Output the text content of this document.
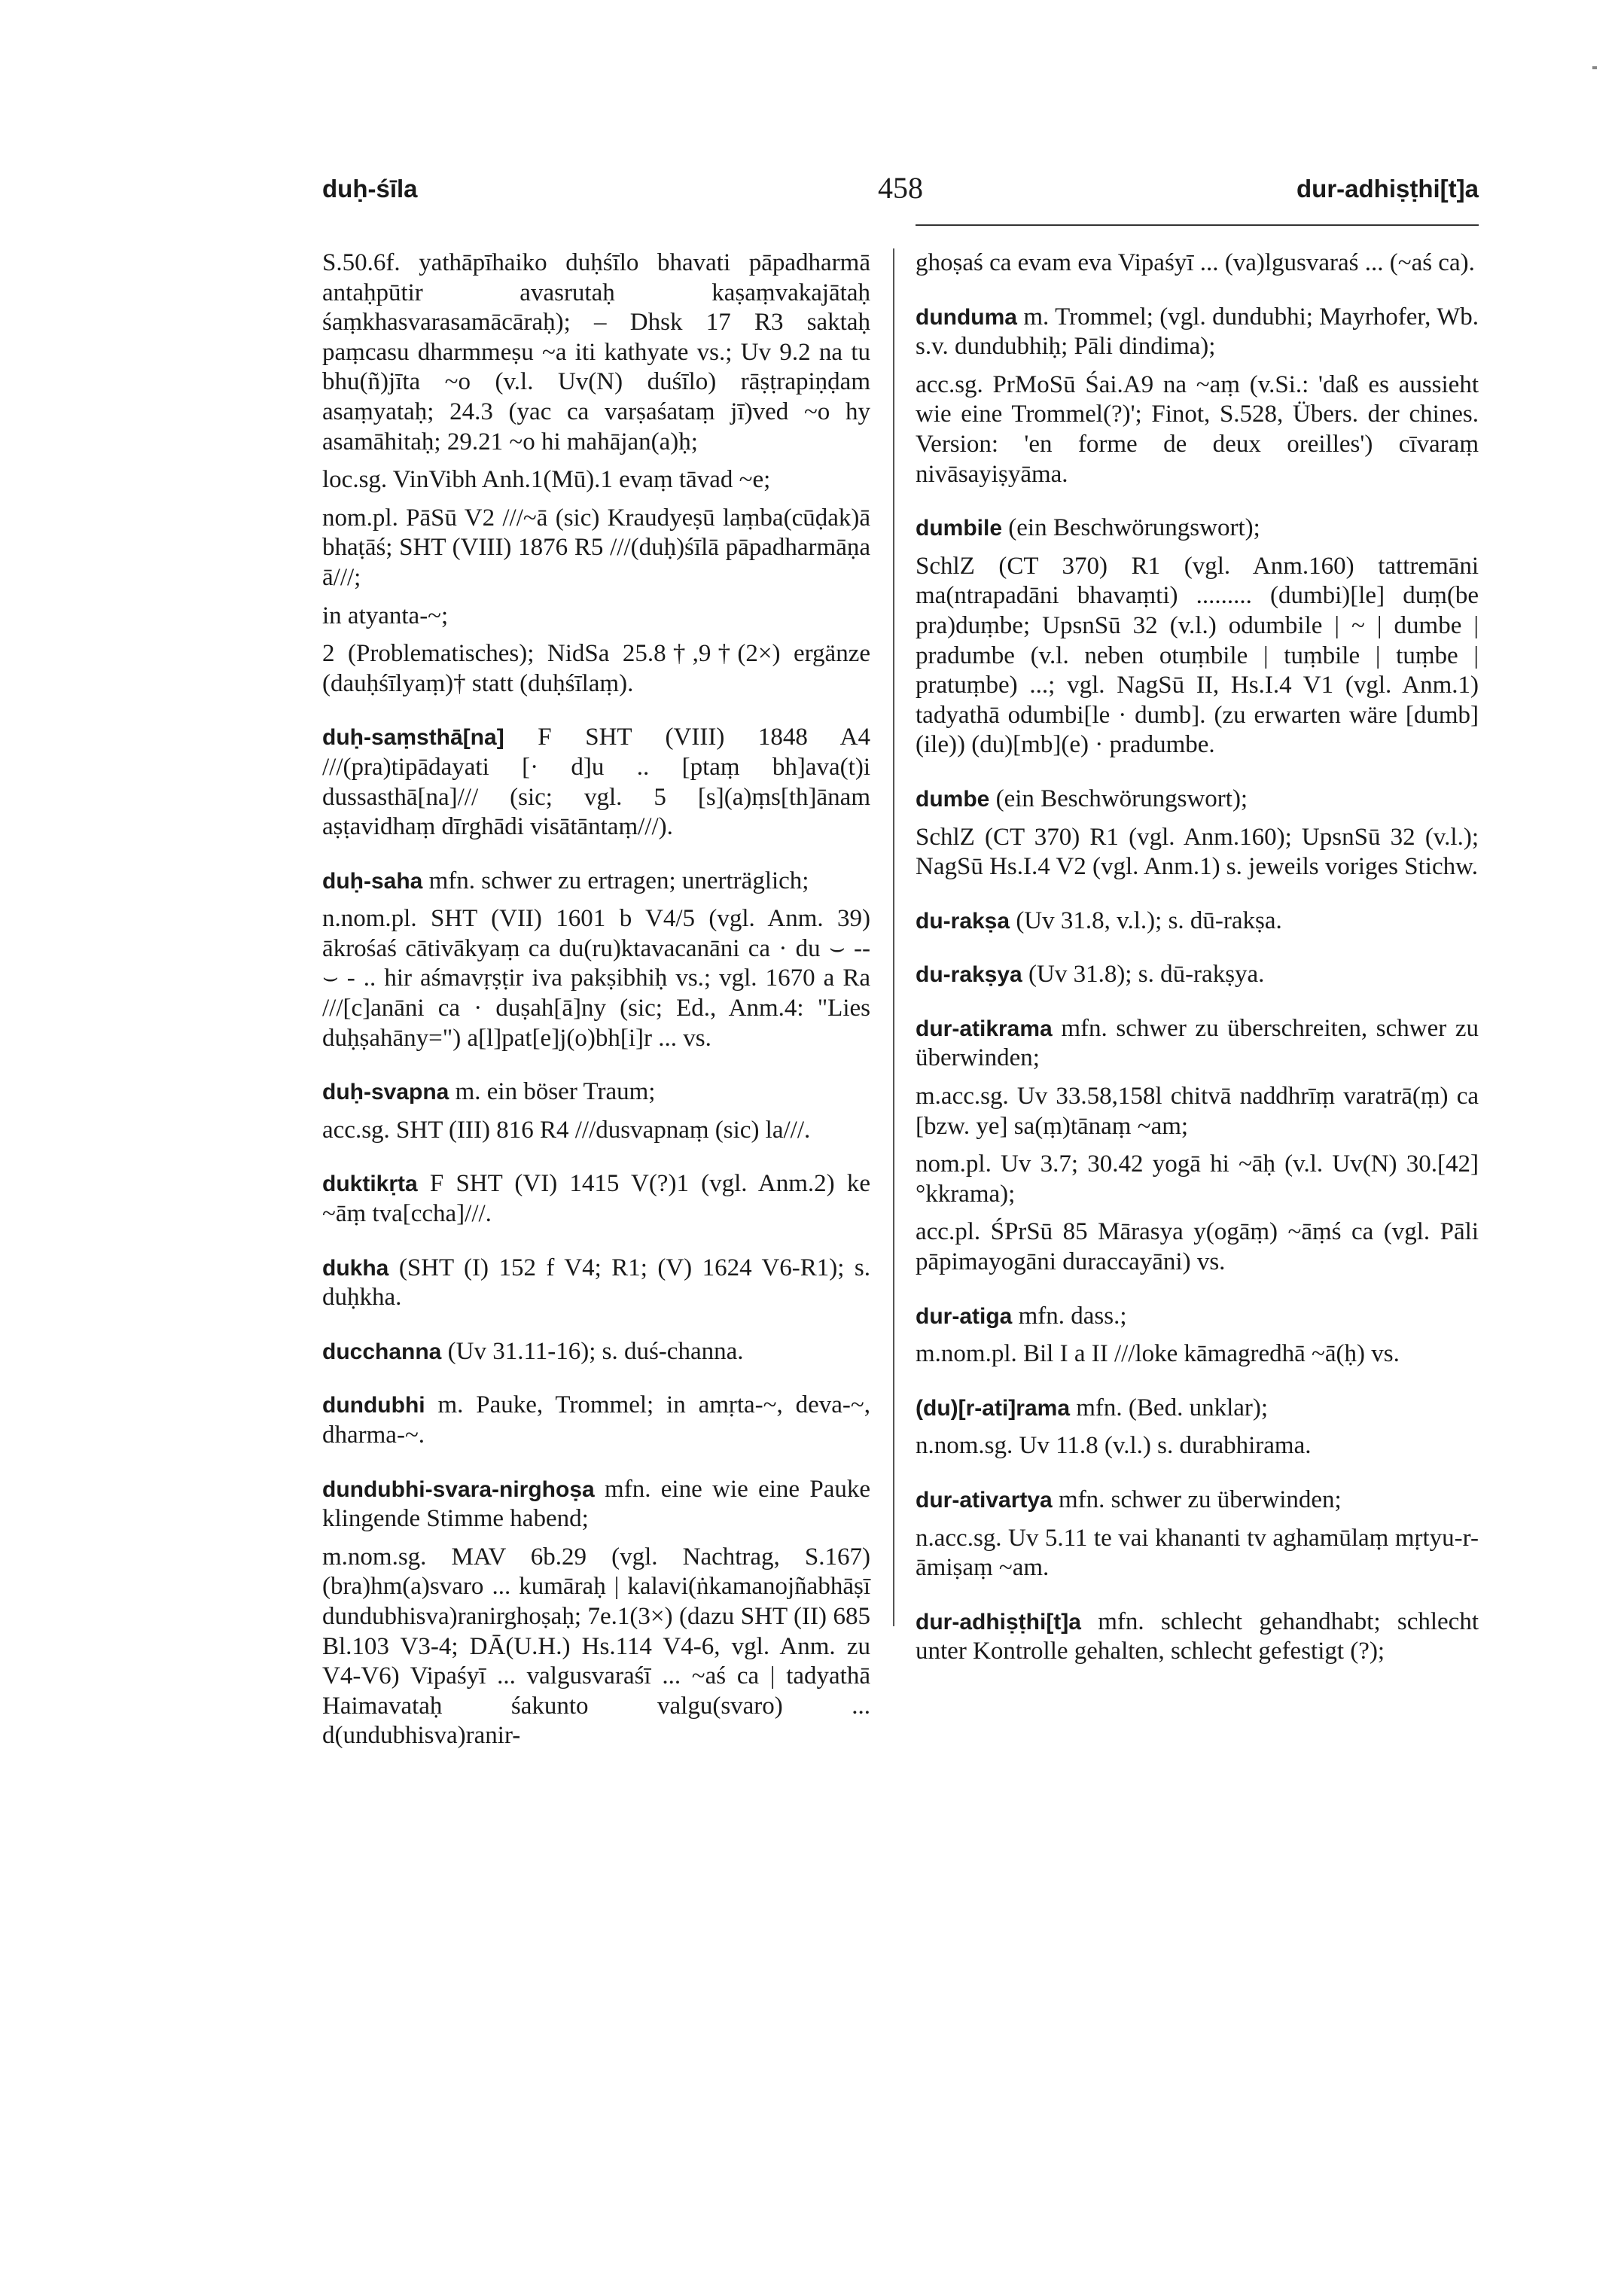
duḥ-śīla	458	dur-adhiṣṭhi[t]a

S.50.6f. yathāpīhaiko duḥśīlo bhavati pāpadharmā antaḥpūtir avasrutaḥ kaṣaṃvakajātaḥ śaṃkhasvarasamācāraḥ); – Dhsk 17 R3 saktaḥ paṃcasu dharmmeṣu ~a iti kathyate vs.; Uv 9.2 na tu bhu(ñ)jīta ~o (v.l. Uv(N) duśīlo) rāṣṭrapiṇḍam asaṃyataḥ; 24.3 (yac ca varṣaśataṃ jī)ved ~o hy asamāhitaḥ; 29.21 ~o hi mahājan(a)ḥ;

loc.sg. VinVibh Anh.1(Mū).1 evaṃ tāvad ~e;

nom.pl. PāSū V2 ///~ā (sic) Kraudyeṣū laṃba(cūḍak)ā bhaṭāś; SHT (VIII) 1876 R5 ///(duḥ)śīlā pāpadharmāṇa ā///;

in atyanta-~;

2 (Problematisches); NidSa 25.8†,9†(2×) ergänze (dauḥśīlyaṃ)† statt (duḥśīlaṃ).

duḥ-saṃsthā[na] F SHT (VIII) 1848 A4 ///(pra)tipādayati [· d]u .. [ptaṃ bh]ava(t)i dussasthā[na]/// (sic; vgl. 5 [s](a)ṃs[th]ānam aṣṭavidhaṃ dīrghādi visātāntaṃ///).

duḥ-saha mfn. schwer zu ertragen; unerträglich;

n.nom.pl. SHT (VII) 1601 b V4/5 (vgl. Anm. 39) ākrośaś cātivākyaṃ ca du(ru)ktavacanāni ca · du ⌣ -- ⌣ - .. hir aśmavṛṣṭir iva pakṣibhiḥ vs.; vgl. 1670 a Ra ///[c]anāni ca · duṣah[ā]ny (sic; Ed., Anm.4: "Lies duḥṣahāny=") a[l]pat[e]j(o)bh[i]r ... vs.

duḥ-svapna m. ein böser Traum;

acc.sg. SHT (III) 816 R4 ///dusvapnaṃ (sic) la///.

duktikṛta F SHT (VI) 1415 V(?)1 (vgl. Anm.2) ke ~āṃ tva[ccha]///.

dukha (SHT (I) 152 f V4; R1; (V) 1624 V6-R1); s. duḥkha.

ducchanna (Uv 31.11-16); s. duś-channa.

dundubhi m. Pauke, Trommel; in amṛta-~, deva-~, dharma-~.

dundubhi-svara-nirghoṣa mfn. eine wie eine Pauke klingende Stimme habend;

m.nom.sg. MAV 6b.29 (vgl. Nachtrag, S.167) (bra)hm(a)svaro ... kumāraḥ | kalavi(ṅkamanojñabhāṣī dundubhisva)ranirghoṣaḥ; 7e.1(3×) (dazu SHT (II) 685 Bl.103 V3-4; DĀ(U.H.) Hs.114 V4-6, vgl. Anm. zu V4-V6) Vipaśyī ... valgusvaraśī ... ~aś ca | tadyathā Haimavataḥ śakunto valgu(svaro) ... d(undubhisva)ranir-

ghoṣaś ca evam eva Vipaśyī ... (va)lgusvaraś ... (~aś ca).

dunduma m. Trommel; (vgl. dundubhi; Mayrhofer, Wb. s.v. dundubhiḥ; Pāli dindima);

acc.sg. PrMoSū Śai.A9 na ~aṃ (v.Si.: 'daß es aussieht wie eine Trommel(?)'; Finot, S.528, Übers. der chines. Version: 'en forme de deux oreilles') cīvaraṃ nivāsayiṣyāma.

dumbile (ein Beschwörungswort);

SchlZ (CT 370) R1 (vgl. Anm.160) tattremāni ma(ntrapadāni bhavaṃti) ......... (dumbi)[le] duṃ(be pra)duṃbe; UpsnSū 32 (v.l.) odumbile | ~ | dumbe | pradumbe (v.l. neben otuṃbile | tuṃbile | tuṃbe | pratuṃbe) ...; vgl. NagSū II, Hs.I.4 V1 (vgl. Anm.1) tadyathā odumbi[le · dumb]. (zu erwarten wäre [dumb](ile)) (du)[mb](e) · pradumbe.

dumbe (ein Beschwörungswort);

SchlZ (CT 370) R1 (vgl. Anm.160); UpsnSū 32 (v.l.); NagSū Hs.I.4 V2 (vgl. Anm.1) s. jeweils voriges Stichw.

du-rakṣa (Uv 31.8, v.l.); s. dū-rakṣa.

du-rakṣya (Uv 31.8); s. dū-rakṣya.

dur-atikrama mfn. schwer zu überschreiten, schwer zu überwinden;

m.acc.sg. Uv 33.58,158l chitvā naddhrīṃ varatrā(ṃ) ca [bzw. ye] sa(ṃ)tānaṃ ~am;

nom.pl. Uv 3.7; 30.42 yogā hi ~āḥ (v.l. Uv(N) 30.[42] °kkrama);

acc.pl. ŚPrSū 85 Mārasya y(ogāṃ) ~āṃś ca (vgl. Pāli pāpimayogāni duraccayāni) vs.

dur-atiga mfn. dass.;

m.nom.pl. Bil I a II ///loke kāmagredhā ~ā(ḥ) vs.

(du)[r-ati]rama mfn. (Bed. unklar);

n.nom.sg. Uv 11.8 (v.l.) s. durabhirama.

dur-ativartya mfn. schwer zu überwinden;

n.acc.sg. Uv 5.11 te vai khananti tv aghamūlaṃ mṛtyu-r-āmiṣaṃ ~am.

dur-adhiṣṭhi[t]a mfn. schlecht gehandhabt; schlecht unter Kontrolle gehalten, schlecht gefestigt (?);
